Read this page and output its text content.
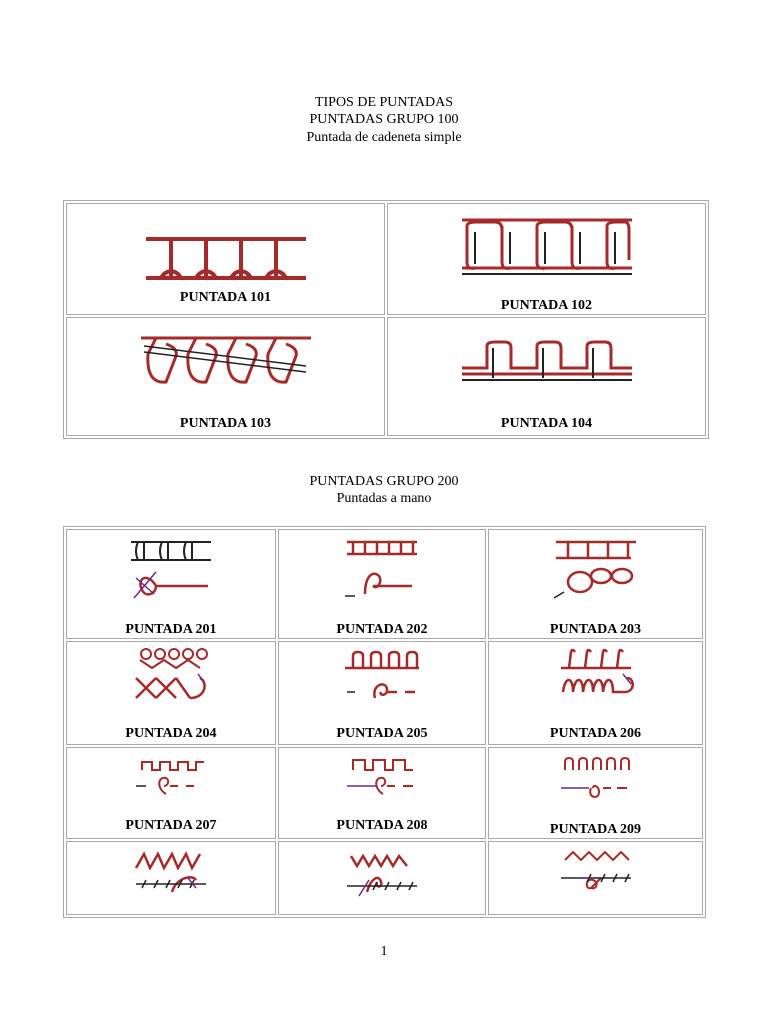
TIPOS DE PUNTADAS
PUNTADAS GRUPO 100
Puntada de cadeneta simple
PUNTADA 101	PUNTADA 102

PUNTADA 103	PUNTADA 104
PUNTADAS GRUPO 200
Puntadas a mano
PUNTADA 201	PUNTADA 202	PUNTADA 203

PUNTADA 204	PUNTADA 205	PUNTADA 206

PUNTADA 207	PUNTADA 208	PUNTADA 209

1
